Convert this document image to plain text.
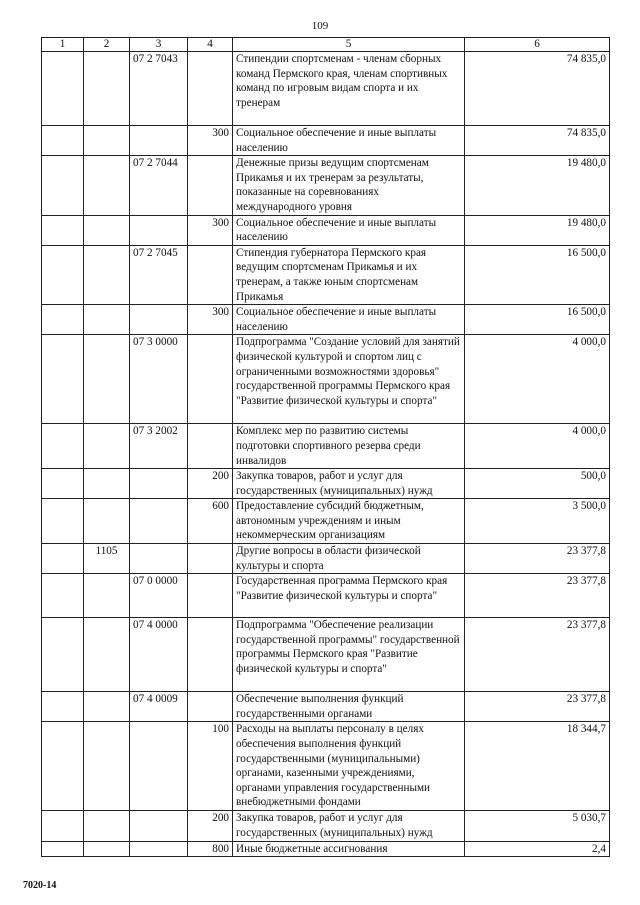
109
1	2	3	4	5	6
		07 2 7043		Стипендии спортсменам - членам сборных команд Пермского края, членам спортивных команд по игровым видам спорта и их тренерам	74 835,0
			300	Социальное обеспечение и иные выплаты населению	74 835,0
		07 2 7044		Денежные призы ведущим спортсменам Прикамья и их тренерам за результаты, показанные на соревнованиях международного уровня	19 480,0
			300	Социальное обеспечение и иные выплаты населению	19 480,0
		07 2 7045		Стипендия губернатора Пермского края ведущим спортсменам Прикамья и их тренерам, а также юным спортсменам Прикамья	16 500,0
			300	Социальное обеспечение и иные выплаты населению	16 500,0
		07 3 0000		Подпрограмма "Создание условий для занятий физической культурой и спортом лиц с ограниченными возможностями здоровья" государственной программы Пермского края "Развитие физической культуры и спорта"	4 000,0
		07 3 2002		Комплекс мер по развитию системы подготовки спортивного резерва среди инвалидов	4 000,0
			200	Закупка товаров, работ и услуг для государственных (муниципальных) нужд	500,0
			600	Предоставление субсидий бюджетным, автономным учреждениям и иным некоммерческим организациям	3 500,0
	1105			Другие вопросы в области физической культуры и спорта	23 377,8
		07 0 0000		Государственная программа Пермского края "Развитие физической культуры и спорта"	23 377,8
		07 4 0000		Подпрограмма "Обеспечение реализации государственной программы" государственной программы Пермского края "Развитие физической культуры и спорта"	23 377,8
		07 4 0009		Обеспечение выполнения функций государственными органами	23 377,8
			100	Расходы на выплаты персоналу в целях обеспечения выполнения функций государственными (муниципальными) органами, казенными учреждениями, органами управления государственными внебюджетными фондами	18 344,7
			200	Закупка товаров, работ и услуг для государственных (муниципальных) нужд	5 030,7
			800	Иные бюджетные ассигнования	2,4
7020-14
